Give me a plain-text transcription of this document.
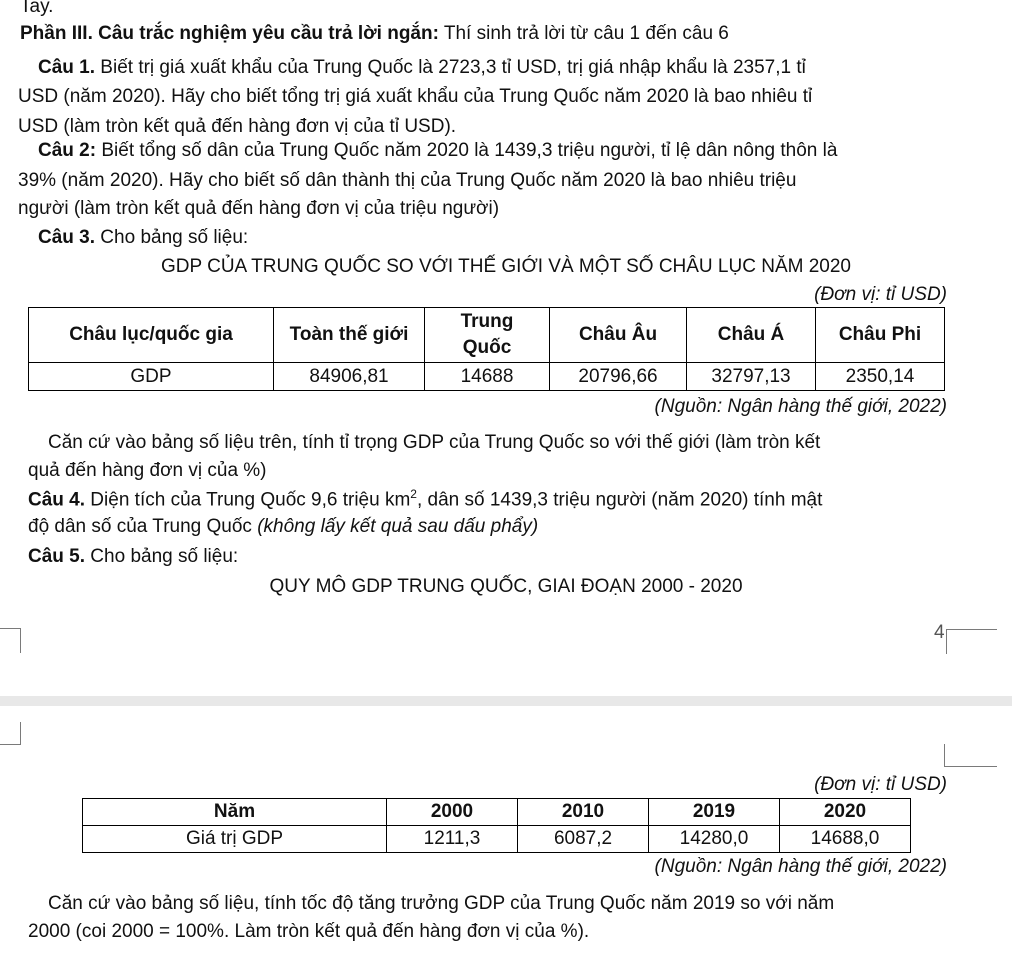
Tay.
Phần III. Câu trắc nghiệm yêu cầu trả lời ngắn: Thí sinh trả lời từ câu 1 đến câu 6
Câu 1. Biết trị giá xuất khẩu của Trung Quốc là 2723,3 tỉ USD, trị giá nhập khẩu là 2357,1 tỉ
USD (năm 2020). Hãy cho biết tổng trị giá xuất khẩu của Trung Quốc năm 2020 là bao nhiêu tỉ
USD (làm tròn kết quả đến hàng đơn vị của tỉ USD).
Câu 2: Biết tổng số dân của Trung Quốc năm 2020 là 1439,3 triệu người, tỉ lệ dân nông thôn là
39% (năm 2020). Hãy cho biết số dân thành thị của Trung Quốc năm 2020 là bao nhiêu triệu
người (làm tròn kết quả đến hàng đơn vị của triệu người)
Câu 3. Cho bảng số liệu:
GDP CỦA TRUNG QUỐC SO VỚI THẾ GIỚI VÀ MỘT SỐ CHÂU LỤC NĂM 2020
(Đơn vị: tỉ USD)
Châu lục/quốc gia	Toàn thế giới	Trung Quốc	Châu Âu	Châu Á	Châu Phi
GDP	84906,81	14688	20796,66	32797,13	2350,14
(Nguồn: Ngân hàng thế giới, 2022)
Căn cứ vào bảng số liệu trên, tính tỉ trọng GDP của Trung Quốc so với thế giới (làm tròn kết
quả đến hàng đơn vị của %)
Câu 4. Diện tích của Trung Quốc 9,6 triệu $km^2$, dân số 1439,3 triệu người (năm 2020) tính mật
độ dân số của Trung Quốc (không lấy kết quả sau dấu phẩy)
Câu 5. Cho bảng số liệu:
QUY MÔ GDP TRUNG QUỐC, GIAI ĐOẠN 2000 - 2020
4
(Đơn vị: tỉ USD)
Năm	2000	2010	2019	2020
Giá trị GDP	1211,3	6087,2	14280,0	14688,0
(Nguồn: Ngân hàng thế giới, 2022)
Căn cứ vào bảng số liệu, tính tốc độ tăng trưởng GDP của Trung Quốc năm 2019 so với năm
2000 (coi 2000 = 100%. Làm tròn kết quả đến hàng đơn vị của %).
